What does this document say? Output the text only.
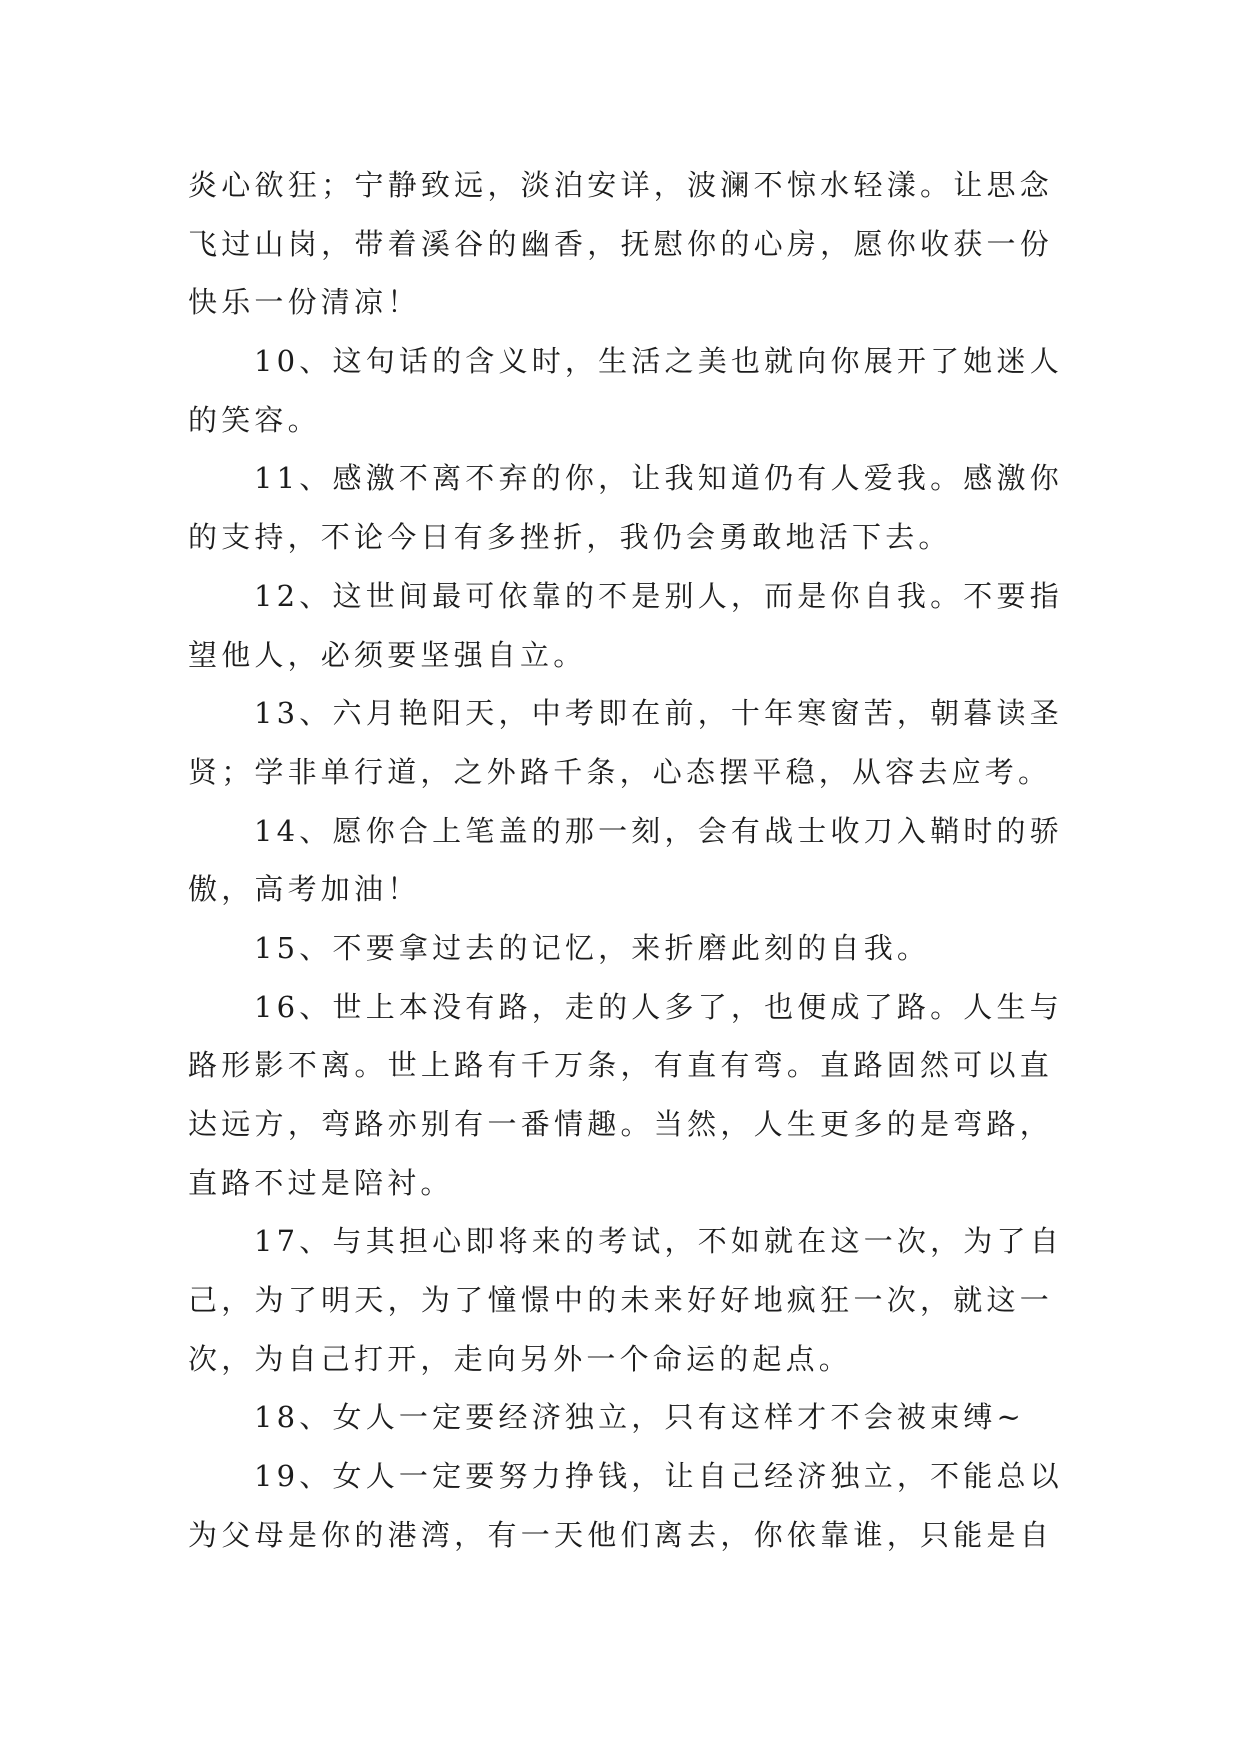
炎心欲狂；宁静致远，淡泊安详，波澜不惊水轻漾。让思念
飞过山岗，带着溪谷的幽香，抚慰你的心房，愿你收获一份
快乐一份清凉！
10、这句话的含义时，生活之美也就向你展开了她迷人
的笑容。
11、感激不离不弃的你，让我知道仍有人爱我。感激你
的支持，不论今日有多挫折，我仍会勇敢地活下去。
12、这世间最可依靠的不是别人，而是你自我。不要指
望他人，必须要坚强自立。
13、六月艳阳天，中考即在前，十年寒窗苦，朝暮读圣
贤；学非单行道，之外路千条，心态摆平稳，从容去应考。
14、愿你合上笔盖的那一刻，会有战士收刀入鞘时的骄
傲，高考加油！
15、不要拿过去的记忆，来折磨此刻的自我。
16、世上本没有路，走的人多了，也便成了路。人生与
路形影不离。世上路有千万条，有直有弯。直路固然可以直
达远方，弯路亦别有一番情趣。当然，人生更多的是弯路，
直路不过是陪衬。
17、与其担心即将来的考试，不如就在这一次，为了自
己，为了明天，为了憧憬中的未来好好地疯狂一次，就这一
次，为自己打开，走向另外一个命运的起点。
18、女人一定要经济独立，只有这样才不会被束缚~
19、女人一定要努力挣钱，让自己经济独立，不能总以
为父母是你的港湾，有一天他们离去，你依靠谁，只能是自
